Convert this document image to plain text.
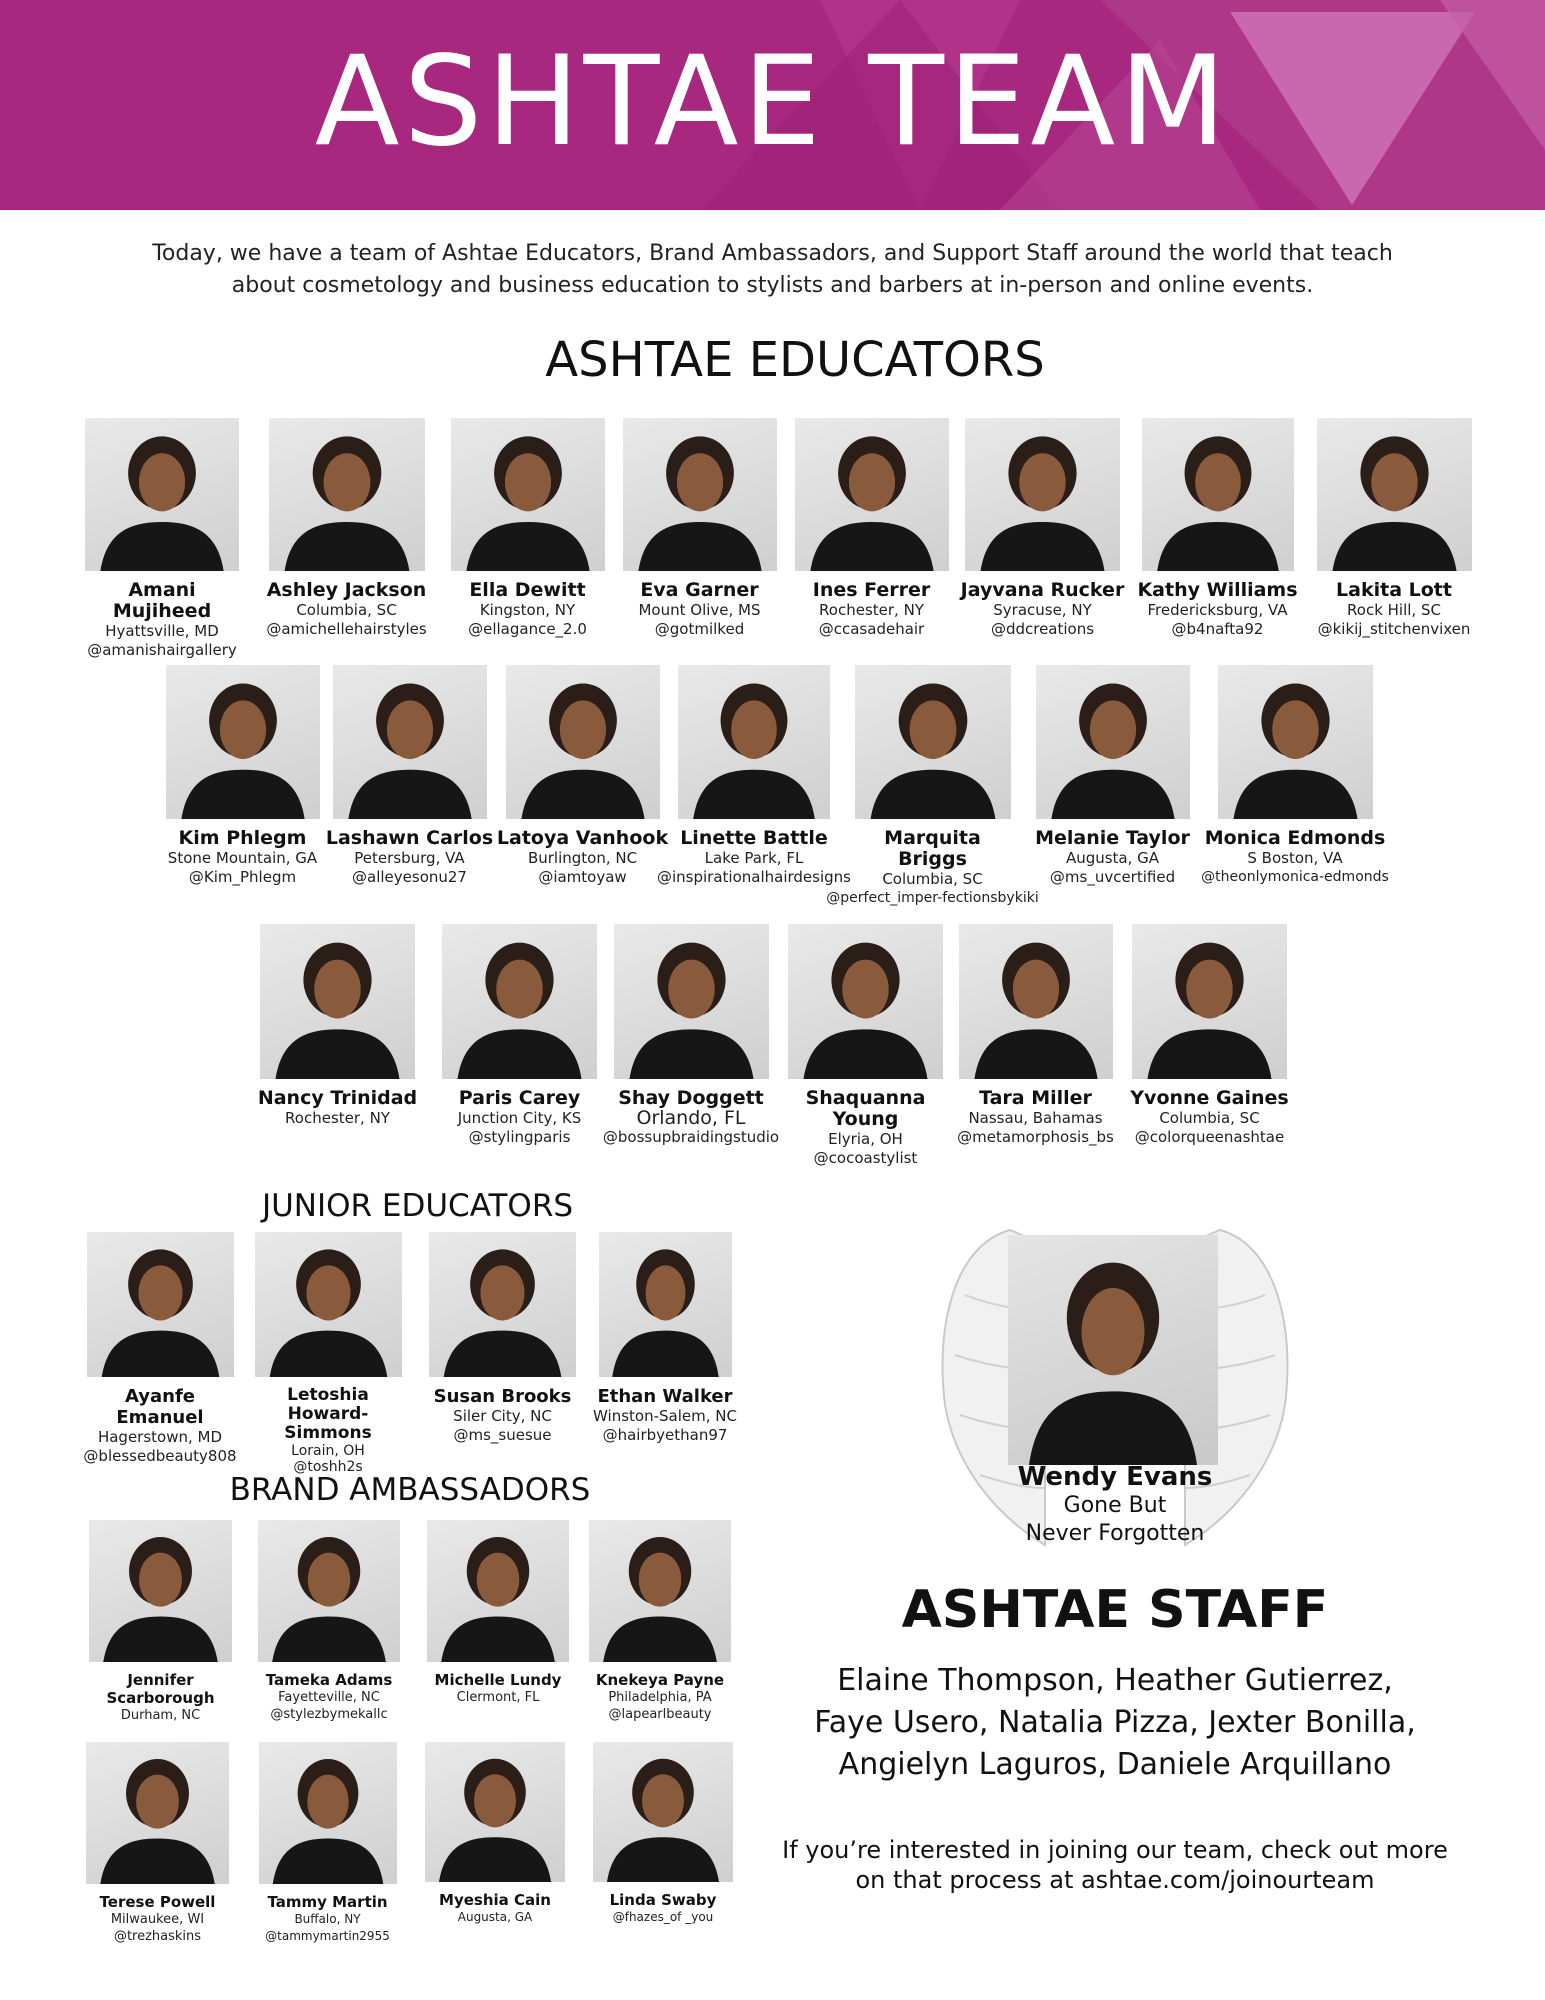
ASHTAE TEAM
Today, we have a team of Ashtae Educators, Brand Ambassadors, and Support Staff around the world that teach about cosmetology and business education to stylists and barbers at in-person and online events.
ASHTAE EDUCATORS
Amani Mujiheed
Hyattsville, MD
@amanishairgallery
Ashley Jackson
Columbia, SC
@amichellehairstyles
Ella Dewitt
Kingston, NY
@ellagance_2.0
Eva Garner
Mount Olive, MS
@gotmilked
Ines Ferrer
Rochester, NY
@ccasadehair
Jayvana Rucker
Syracuse, NY
@ddcreations
Kathy Williams
Fredericksburg, VA
@b4nafta92
Lakita Lott
Rock Hill, SC
@kikij_stitchenvixen
Kim Phlegm
Stone Mountain, GA
@Kim_Phlegm
Lashawn Carlos
Petersburg, VA
@alleyesonu27
Latoya Vanhook
Burlington, NC
@iamtoyaw
Linette Battle
Lake Park, FL
@inspirationalhairdesigns
Marquita Briggs
Columbia, SC
@perfect_imper-fectionsbykiki
Melanie Taylor
Augusta, GA
@ms_uvcertified
Monica Edmonds
S Boston, VA
@theonlymonica-edmonds
Nancy Trinidad
Rochester, NY
Paris Carey
Junction City, KS
@stylingparis
Shay Doggett
Orlando, FL
@bossupbraidingstudio
Shaquanna Young
Elyria, OH
@cocoastylist
Tara Miller
Nassau, Bahamas
@metamorphosis_bs
Yvonne Gaines
Columbia, SC
@colorqueenashtae
JUNIOR EDUCATORS
Ayanfe Emanuel
Hagerstown, MD
@blessedbeauty808
Letoshia Howard-Simmons
Lorain, OH
@toshh2s
Susan Brooks
Siler City, NC
@ms_suesue
Ethan Walker
Winston-Salem, NC
@hairbyethan97
BRAND AMBASSADORS
Jennifer Scarborough
Durham, NC
Tameka Adams
Fayetteville, NC
@stylezbymekallc
Michelle Lundy
Clermont, FL
Knekeya Payne
Philadelphia, PA
@lapearlbeauty
Terese Powell
Milwaukee, WI
@trezhaskins
Tammy Martin
Buffalo, NY
@tammymartin2955
Myeshia Cain
Augusta, GA
Linda Swaby
@fhazes_of _you
Wendy Evans
Gone But
Never Forgotten
ASHTAE STAFF
Elaine Thompson, Heather Gutierrez,
Faye Usero, Natalia Pizza, Jexter Bonilla,
Angielyn Laguros, Daniele Arquillano
If you’re interested in joining our team, check out more
on that process at ashtae.com/joinourteam
